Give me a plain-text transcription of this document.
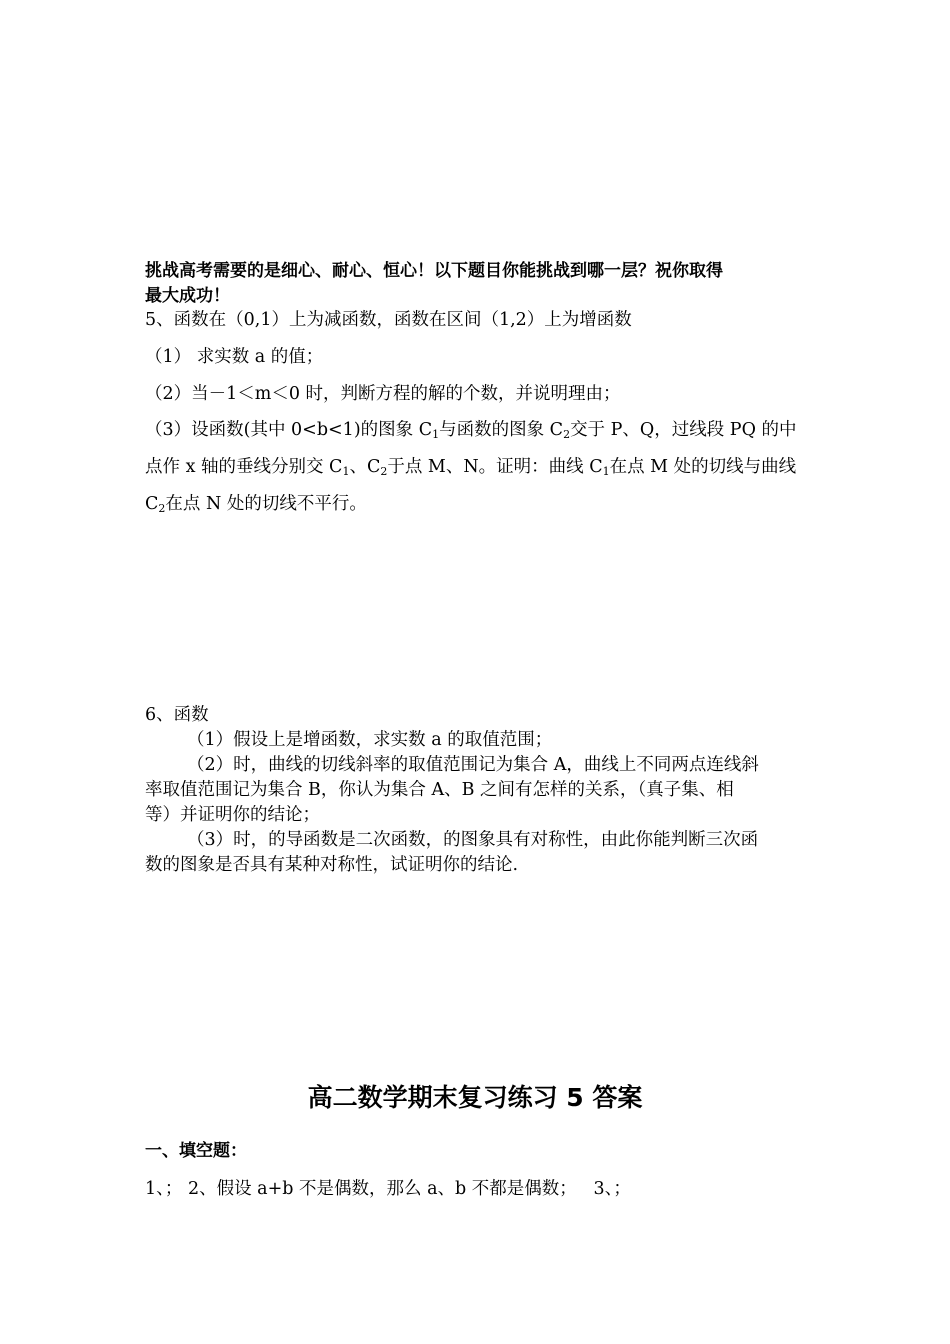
挑战高考需要的是细心、耐心、恒心！以下题目你能挑战到哪一层？祝你取得
最大成功！
5、函数在（0,1）上为减函数，函数在区间（1,2）上为增函数
（1） 求实数 a 的值；
（2）当－1＜m＜0 时，判断方程的解的个数，并说明理由；
（3）设函数(其中 0<b<1)的图象 $C_1$与函数的图象 $C_2$交于 P、Q，过线段 PQ 的中
点作 x 轴的垂线分别交 $C_1$、$C_2$于点 M、N。证明：曲线 $C_1$在点 M 处的切线与曲线
$C_2$在点 N 处的切线不平行。
6、函数
（1）假设上是增函数，求实数 a 的取值范围；
（2）时，曲线的切线斜率的取值范围记为集合 A，曲线上不同两点连线斜
率取值范围记为集合 B，你认为集合 A、B 之间有怎样的关系，（真子集、相
等）并证明你的结论；
（3）时，的导函数是二次函数，的图象具有对称性，由此你能判断三次函
数的图象是否具有某种对称性，试证明你的结论.
高二数学期末复习练习 5 答案
一、填空题：
1、； 2、假设 a+b 不是偶数，那么 a、b 不都是偶数； 3、；
